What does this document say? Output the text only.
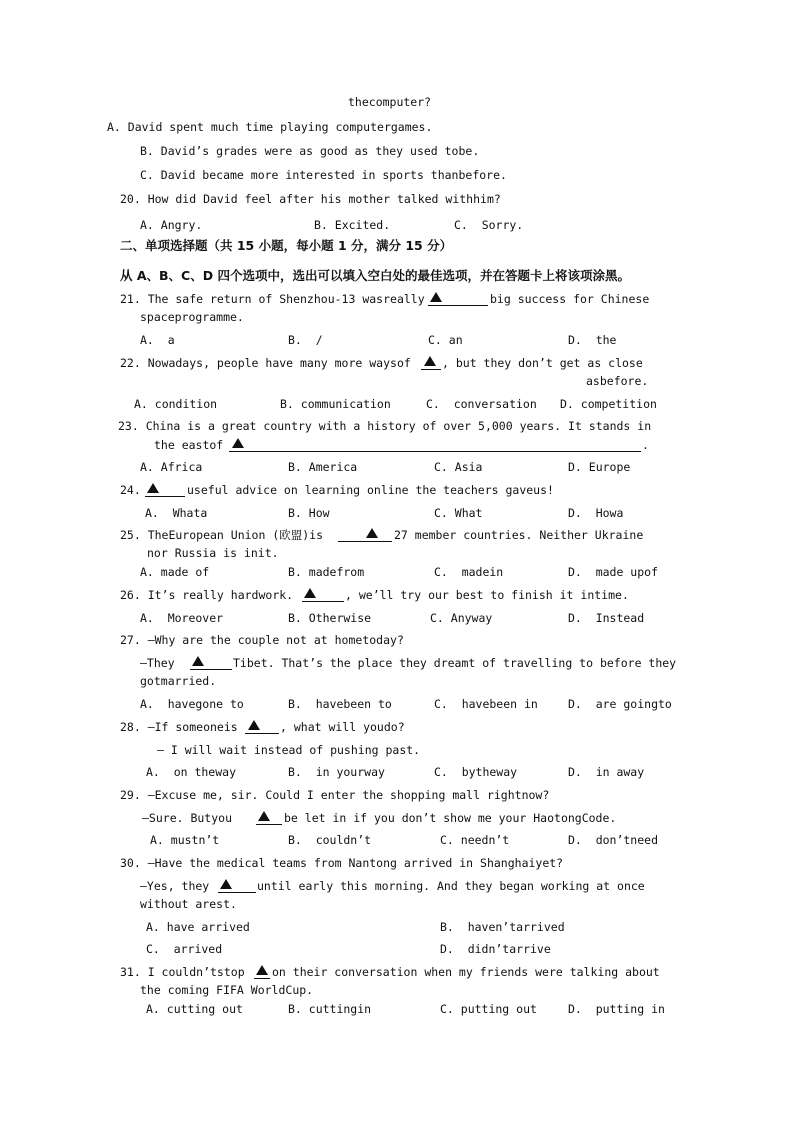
thecomputer?
A. David spent much time playing computergames.
B. David’s grades were as good as they used tobe.
C. David became more interested in sports thanbefore.
20. How did David feel after his mother talked withhim?
A. Angry.	B. Excited.	C.  Sorry.
二、单项选择题（共 15 小题，每小题 1 分，满分 15 分）
从 A、B、C、D 四个选项中，选出可以填入空白处的最佳选项，并在答题卡上将该项涂黑。
21. The safe return of Shenzhou-13 wasreally	big success for Chinese
spaceprogramme.
A.  a	B.  /	C. an	D.  the
22. Nowadays, people have many more waysof	, but they don’t get as close
asbefore.
A. condition	B. communication	C.  conversation D. competition
23. China is a great country with a history of over 5,000 years. It stands in
the eastof	.
A. Africa	B. America	C. Asia	D. Europe
24.	useful advice on learning online the teachers gaveus!
A.  Whata	B. How	C. What	D.  Howa
25. TheEuropean Union (欧盟)is	27 member countries. Neither Ukraine
nor Russia is init.
A. made of	B. madefrom	C.  madein	D.  made upof
26. It’s really hardwork.	, we’ll try our best to finish it intime.
A.  Moreover	B. Otherwise	C. Anyway	D.  Instead
27. —Why are the couple not at hometoday?
—They	Tibet. That’s the place they dreamt of travelling to before they
gotmarried.
A.  havegone to	B.  havebeen to	C.  havebeen in	D.  are goingto
28. —If someoneis	, what will youdo?
— I will wait instead of pushing past.
A.  on theway	B.  in yourway	C.  bytheway	D.  in away
29. —Excuse me, sir. Could I enter the shopping mall rightnow?
—Sure. Butyou	be let in if you don’t show me your HaotongCode.
A. mustn’t	B.  couldn’t	C. needn’t	D.  don’tneed
30. —Have the medical teams from Nantong arrived in Shanghaiyet?
—Yes, they	until early this morning. And they began working at once
without arest.
A. have arrived	B.  haven’tarrived
C.  arrived	D.  didn’tarrive
31. I couldn’tstop on their conversation when my friends were talking about
the coming FIFA WorldCup.
A. cutting out	B. cuttingin	C. putting out	D.  putting in
